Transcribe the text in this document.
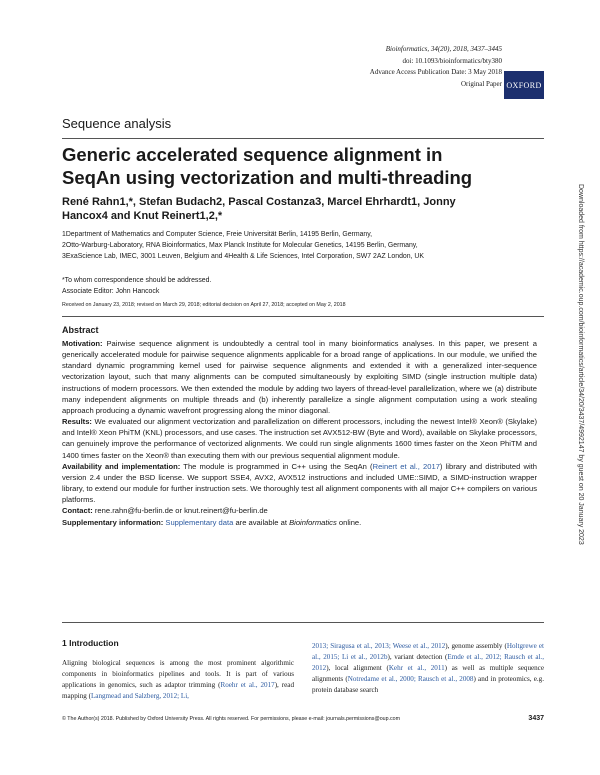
Bioinformatics, 34(20), 2018, 3437–3445
doi: 10.1093/bioinformatics/bty380
Advance Access Publication Date: 3 May 2018
Original Paper OXFORD
Sequence analysis
Generic accelerated sequence alignment in SeqAn using vectorization and multi-threading
René Rahn1,*, Stefan Budach2, Pascal Costanza3, Marcel Ehrhardt1, Jonny Hancox4 and Knut Reinert1,2,*
1Department of Mathematics and Computer Science, Freie Universität Berlin, 14195 Berlin, Germany,
2Otto-Warburg-Laboratory, RNA Bioinformatics, Max Planck Institute for Molecular Genetics, 14195 Berlin, Germany,
3ExaScience Lab, IMEC, 3001 Leuven, Belgium and 4Health & Life Sciences, Intel Corporation, SW7 2AZ London, UK
*To whom correspondence should be addressed.
Associate Editor: John Hancock
Received on January 23, 2018; revised on March 29, 2018; editorial decision on April 27, 2018; accepted on May 2, 2018
Abstract

Motivation: Pairwise sequence alignment is undoubtedly a central tool in many bioinformatics analyses. In this paper, we present a generically accelerated module for pairwise sequence alignments applicable for a broad range of applications. In our module, we unified the standard dynamic programming kernel used for pairwise sequence alignments and extended it with a generalized inter-sequence vectorization layout, such that many alignments can be computed simultaneously by exploiting SIMD (single instruction multiple data) instructions of modern processors. We then extended the module by adding two layers of thread-level parallelization, where we (a) distribute many independent alignments on multiple threads and (b) inherently parallelize a single alignment computation using a work stealing approach producing a dynamic wavefront progressing along the minor diagonal.

Results: We evaluated our alignment vectorization and parallelization on different processors, including the newest Intel® Xeon® (Skylake) and Intel® Xeon PhiTM (KNL) processors, and use cases. The instruction set AVX512-BW (Byte and Word), available on Skylake processors, can genuinely improve the performance of vectorized alignments. We could run single alignments 1600 times faster on the Xeon PhiTM and 1400 times faster on the Xeon® than executing them with our previous sequential alignment module.

Availability and implementation: The module is programmed in C++ using the SeqAn (Reinert et al., 2017) library and distributed with version 2.4 under the BSD license. We support SSE4, AVX2, AVX512 instructions and included UME::SIMD, a SIMD-instruction wrapper library, to extend our module for further instruction sets. We thoroughly test all alignment components with all major C++ compilers on various platforms.

Contact: rene.rahn@fu-berlin.de or knut.reinert@fu-berlin.de

Supplementary information: Supplementary data are available at Bioinformatics online.

1 Introduction

Aligning biological sequences is among the most prominent algorithmic components in bioinformatics pipelines and tools. It is part of various applications in genomics, such as adaptor trimming (Roehr et al., 2017), read mapping (Langmead and Salzberg, 2012; Li,

2013; Siragusa et al., 2013; Weese et al., 2012), genome assembly (Holtgrewe et al., 2015; Li et al., 2012b), variant detection (Emde et al., 2012; Rausch et al., 2012), local alignment (Kehr et al., 2011) as well as multiple sequence alignments (Notredame et al., 2000; Rausch et al., 2008) and in proteomics, e.g. protein database search

© The Author(s) 2018. Published by Oxford University Press. All rights reserved. For permissions, please e-mail: journals.permissions@oup.com	3437
Downloaded from https://academic.oup.com/bioinformatics/article/34/20/3437/4992147 by guest on 20 January 2023
